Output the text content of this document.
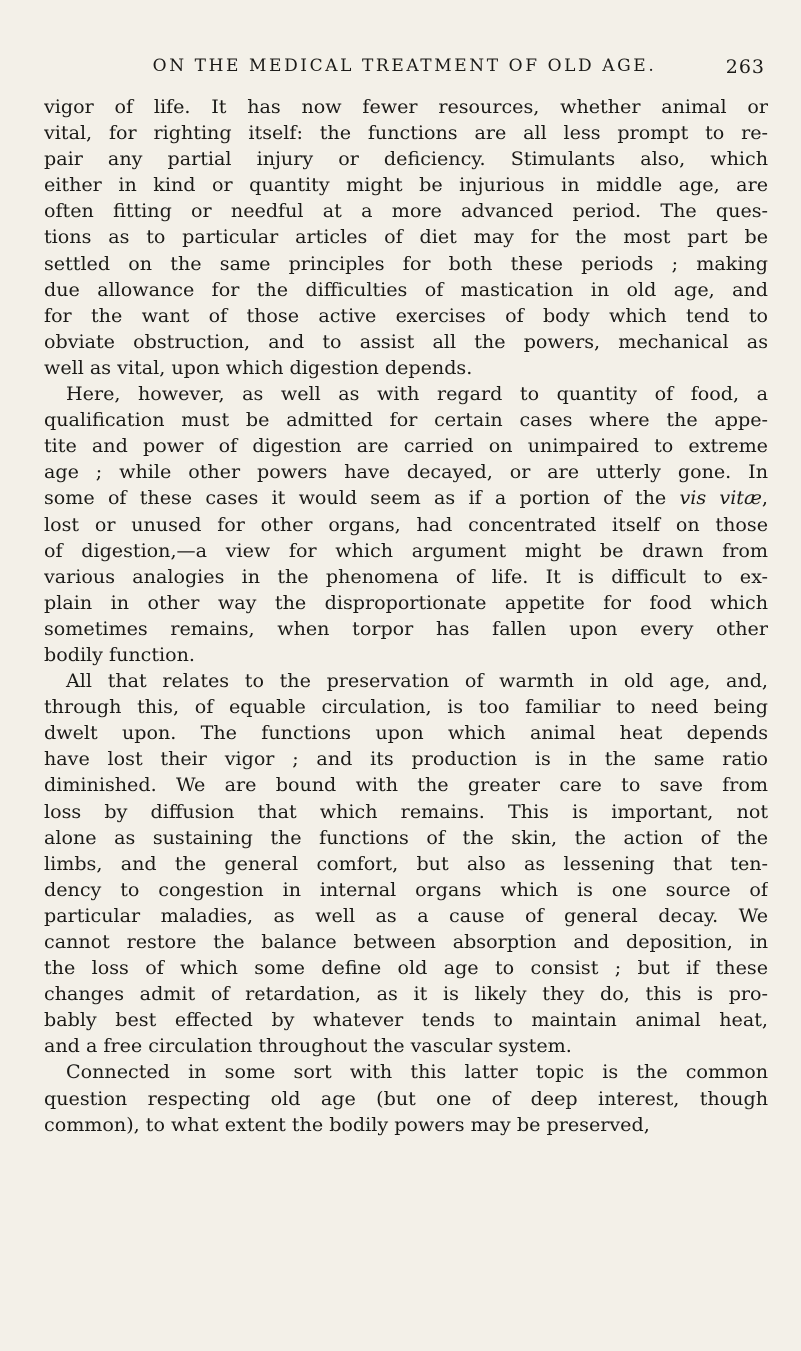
ON THE MEDICAL TREATMENT OF OLD AGE.	263
vigor of life. It has now fewer resources, whether animal or
vital, for righting itself: the functions are all less prompt to re-
pair any partial injury or deficiency. Stimulants also, which
either in kind or quantity might be injurious in middle age, are
often fitting or needful at a more advanced period. The ques-
tions as to particular articles of diet may for the most part be
settled on the same principles for both these periods ; making
due allowance for the difficulties of mastication in old age, and
for the want of those active exercises of body which tend to
obviate obstruction, and to assist all the powers, mechanical as
well as vital, upon which digestion depends.
Here, however, as well as with regard to quantity of food, a
qualification must be admitted for certain cases where the appe-
tite and power of digestion are carried on unimpaired to extreme
age ; while other powers have decayed, or are utterly gone. In
some of these cases it would seem as if a portion of the vis vitæ,
lost or unused for other organs, had concentrated itself on those
of digestion,—a view for which argument might be drawn from
various analogies in the phenomena of life. It is difficult to ex-
plain in other way the disproportionate appetite for food which
sometimes remains, when torpor has fallen upon every other
bodily function.
All that relates to the preservation of warmth in old age, and,
through this, of equable circulation, is too familiar to need being
dwelt upon. The functions upon which animal heat depends
have lost their vigor ; and its production is in the same ratio
diminished. We are bound with the greater care to save from
loss by diffusion that which remains. This is important, not
alone as sustaining the functions of the skin, the action of the
limbs, and the general comfort, but also as lessening that ten-
dency to congestion in internal organs which is one source of
particular maladies, as well as a cause of general decay. We
cannot restore the balance between absorption and deposition, in
the loss of which some define old age to consist ; but if these
changes admit of retardation, as it is likely they do, this is pro-
bably best effected by whatever tends to maintain animal heat,
and a free circulation throughout the vascular system.
Connected in some sort with this latter topic is the common
question respecting old age (but one of deep interest, though
common), to what extent the bodily powers may be preserved,
